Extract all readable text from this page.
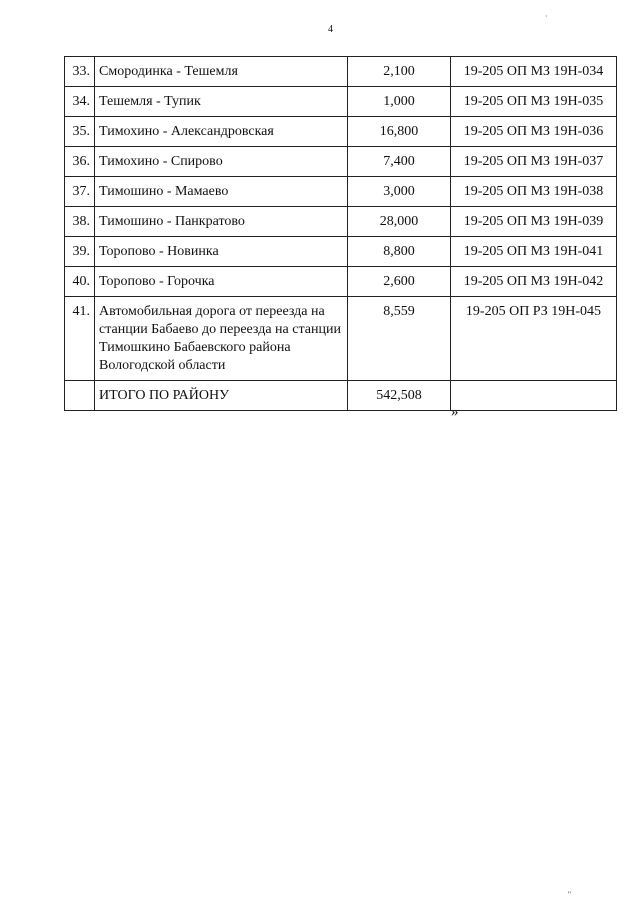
4
·
''
33.	Смородинка - Тешемля	2,100	19-205 ОП МЗ 19Н-034
34.	Тешемля - Тупик	1,000	19-205 ОП МЗ 19Н-035
35.	Тимохино - Александровская	16,800	19-205 ОП МЗ 19Н-036
36.	Тимохино - Спирово	7,400	19-205 ОП МЗ 19Н-037
37.	Тимошино - Мамаево	3,000	19-205 ОП МЗ 19Н-038
38.	Тимошино - Панкратово	28,000	19-205 ОП МЗ 19Н-039
39.	Торопово - Новинка	8,800	19-205 ОП МЗ 19Н-041
40.	Торопово - Горочка	2,600	19-205 ОП МЗ 19Н-042
41.	Автомобильная дорога от переезда на станции Бабаево до переезда на станции Тимошкино Бабаевского района Вологодской области	8,559	19-205 ОП РЗ 19Н-045
	ИТОГО ПО РАЙОНУ	542,508	
»
